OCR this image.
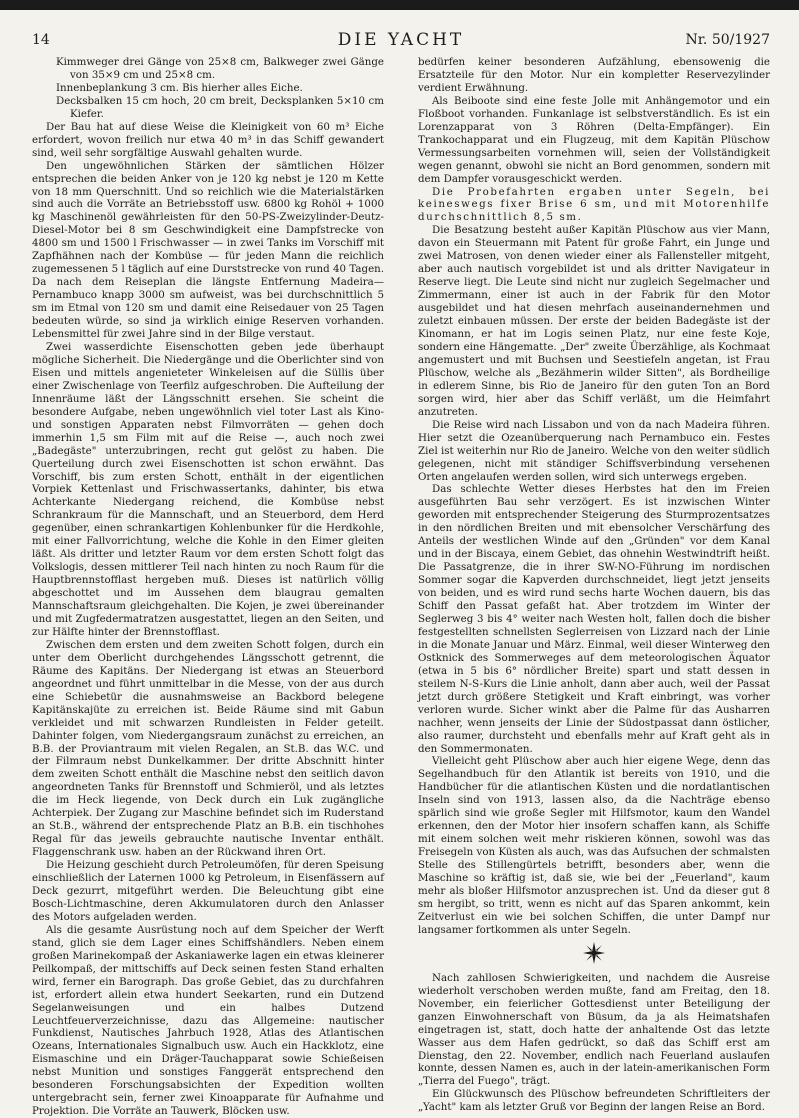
14	DIE YACHT	Nr. 50/1927
Kimmweger drei Gänge von 25×8 cm, Balkweger zwei Gänge von 35×9 cm und 25×8 cm.
Innenbeplankung 3 cm. Bis hierher alles Eiche.
Decksbalken 15 cm hoch, 20 cm breit, Decksplanken 5×10 cm Kiefer.

Der Bau hat auf diese Weise die Kleinigkeit von 60 m³ Eiche erfordert, wovon freilich nur etwa 40 m³ in das Schiff gewandert sind, weil sehr sorgfältige Auswahl gehalten wurde.

Den ungewöhnlichen Stärken der sämtlichen Hölzer entsprechen die beiden Anker von je 120 kg nebst je 120 m Kette von 18 mm Querschnitt. Und so reichlich wie die Materialstärken sind auch die Vorräte an Betriebsstoff usw. 6800 kg Rohöl + 1000 kg Maschinenöl gewährleisten für den 50-PS-Zweizylinder-Deutz-Diesel-Motor bei 8 sm Geschwindigkeit eine Dampfstrecke von 4800 sm und 1500 l Frischwasser — in zwei Tanks im Vorschiff mit Zapfhähnen nach der Kombüse — für jeden Mann die reichlich zugemessenen 5 l täglich auf eine Durststrecke von rund 40 Tagen. Da nach dem Reiseplan die längste Entfernung Madeira—Pernambuco knapp 3000 sm aufweist, was bei durchschnittlich 5 sm im Etmal von 120 sm und damit eine Reisedauer von 25 Tagen bedeuten würde, so sind ja wirklich einige Reserven vorhanden. Lebensmittel für zwei Jahre sind in der Bilge verstaut.

Zwei wasserdichte Eisenschotten geben jede überhaupt mögliche Sicherheit. Die Niedergänge und die Oberlichter sind von Eisen und mittels angenieteter Winkeleisen auf die Süllis über einer Zwischenlage von Teerfilz aufgeschroben. Die Aufteilung der Innenräume läßt der Längsschnitt ersehen. Sie scheint die besondere Aufgabe, neben ungewöhnlich viel toter Last als Kino- und sonstigen Apparaten nebst Filmvorräten — gehen doch immerhin 1,5 sm Film mit auf die Reise —, auch noch zwei „Badegäste" unterzubringen, recht gut gelöst zu haben. Die Querteilung durch zwei Eisenschotten ist schon erwähnt. Das Vorschiff, bis zum ersten Schott, enthält in der eigentlichen Vorpiek Kettenlast und Frischwassertanks, dahinter, bis etwa Achterkante Niedergang reichend, die Kombüse nebst Schrankraum für die Mannschaft, und an Steuerbord, dem Herd gegenüber, einen schrankartigen Kohlenbunker für die Herdkohle, mit einer Fallvorrichtung, welche die Kohle in den Eimer gleiten läßt. Als dritter und letzter Raum vor dem ersten Schott folgt das Volkslogis, dessen mittlerer Teil nach hinten zu noch Raum für die Hauptbrennstofflast hergeben muß. Dieses ist natürlich völlig abgeschottet und im Aussehen dem blaugrau gemalten Mannschaftsraum gleichgehalten. Die Kojen, je zwei übereinander und mit Zugfedermatratzen ausgestattet, liegen an den Seiten, und zur Hälfte hinter der Brennstofflast.

Zwischen dem ersten und dem zweiten Schott folgen, durch ein unter dem Oberlicht durchgehendes Längsschott getrennt, die Räume des Kapitäns. Der Niedergang ist etwas an Steuerbord angeordnet und führt unmittelbar in die Messe, von der aus durch eine Schiebetür die ausnahmsweise an Backbord belegene Kapitänskajüte zu erreichen ist. Beide Räume sind mit Gabun verkleidet und mit schwarzen Rundleisten in Felder geteilt. Dahinter folgen, vom Niedergangsraum zunächst zu erreichen, an B.B. der Proviantraum mit vielen Regalen, an St.B. das W.C. und der Filmraum nebst Dunkelkammer. Der dritte Abschnitt hinter dem zweiten Schott enthält die Maschine nebst den seitlich davon angeordneten Tanks für Brennstoff und Schmieröl, und als letztes die im Heck liegende, von Deck durch ein Luk zugängliche Achterpiek. Der Zugang zur Maschine befindet sich im Ruderstand an St.B., während der entsprechende Platz an B.B. ein tischhohes Regal für das jeweils gebrauchte nautische Inventar enthält. Flaggenschrank usw. haben an der Rückwand ihren Ort.

Die Heizung geschieht durch Petroleumöfen, für deren Speisung einschließlich der Laternen 1000 kg Petroleum, in Eisenfässern auf Deck gezurrt, mitgeführt werden. Die Beleuchtung gibt eine Bosch-Lichtmaschine, deren Akkumulatoren durch den Anlasser des Motors aufgeladen werden.

Als die gesamte Ausrüstung noch auf dem Speicher der Werft stand, glich sie dem Lager eines Schiffshändlers. Neben einem großen Marinekompaß der Askaniawerke lagen ein etwas kleinerer Peilkompaß, der mittschiffs auf Deck seinen festen Stand erhalten wird, ferner ein Barograph. Das große Gebiet, das zu durchfahren ist, erfordert allein etwa hundert Seekarten, rund ein Dutzend Segelanweisungen und ein halbes Dutzend Leuchtfeuerverzeichnisse, dazu das Allgemeine: nautischer Funkdienst, Nautisches Jahrbuch 1928, Atlas des Atlantischen Ozeans, Internationales Signalbuch usw. Auch ein Hackklotz, eine Eismaschine und ein Dräger-Tauchapparat sowie Schießeisen nebst Munition und sonstiges Fanggerät entsprechend den besonderen Forschungsabsichten der Expedition wollten untergebracht sein, ferner zwei Kinoapparate für Aufnahme und Projektion. Die Vorräte an Tauwerk, Blöcken usw.

bedürfen keiner besonderen Aufzählung, ebensowenig die Ersatzteile für den Motor. Nur ein kompletter Reservezylinder verdient Erwähnung.

Als Beiboote sind eine feste Jolle mit Anhängemotor und ein Floßboot vorhanden. Funkanlage ist selbstverständlich. Es ist ein Lorenzapparat von 3 Röhren (Delta-Empfänger). Ein Trankochapparat und ein Flugzeug, mit dem Kapitän Plüschow Vermessungsarbeiten vornehmen will, seien der Vollständigkeit wegen genannt, obwohl sie nicht an Bord genommen, sondern mit dem Dampfer vorausgeschickt werden.

Die Probefahrten ergaben unter Segeln, bei keineswegs fixer Brise 6 sm, und mit Motorenhilfe durchschnittlich 8,5 sm.

Die Besatzung besteht außer Kapitän Plüschow aus vier Mann, davon ein Steuermann mit Patent für große Fahrt, ein Junge und zwei Matrosen, von denen wieder einer als Fallensteller mitgeht, aber auch nautisch vorgebildet ist und als dritter Navigateur in Reserve liegt. Die Leute sind nicht nur zugleich Segelmacher und Zimmermann, einer ist auch in der Fabrik für den Motor ausgebildet und hat diesen mehrfach auseinandernehmen und zuletzt einbauen müssen. Der erste der beiden Badegäste ist der Kinomann, er hat im Logis seinen Platz, nur eine feste Koje, sondern eine Hängematte. „Der" zweite Überzählige, als Kochmaat angemustert und mit Buchsen und Seestiefeln angetan, ist Frau Plüschow, welche als „Bezähmerin wilder Sitten", als Bordheilige in edlerem Sinne, bis Rio de Janeiro für den guten Ton an Bord sorgen wird, hier aber das Schiff verläßt, um die Heimfahrt anzutreten.

Die Reise wird nach Lissabon und von da nach Madeira führen. Hier setzt die Ozeanüberquerung nach Pernambuco ein. Festes Ziel ist weiterhin nur Rio de Janeiro. Welche von den weiter südlich gelegenen, nicht mit ständiger Schiffsverbindung versehenen Orten angelaufen werden sollen, wird sich unterwegs ergeben.

Das schlechte Wetter dieses Herbstes hat den im Freien ausgeführten Bau sehr verzögert. Es ist inzwischen Winter geworden mit entsprechender Steigerung des Sturmprozentsatzes in den nördlichen Breiten und mit ebensolcher Verschärfung des Anteils der westlichen Winde auf den „Gründen" vor dem Kanal und in der Biscaya, einem Gebiet, das ohnehin Westwindtrift heißt. Die Passatgrenze, die in ihrer SW-NO-Führung im nordischen Sommer sogar die Kapverden durchschneidet, liegt jetzt jenseits von beiden, und es wird rund sechs harte Wochen dauern, bis das Schiff den Passat gefaßt hat. Aber trotzdem im Winter der Seglerweg 3 bis 4° weiter nach Westen holt, fallen doch die bisher festgestellten schnellsten Seglerreisen von Lizzard nach der Linie in die Monate Januar und März. Einmal, weil dieser Winterweg den Ostknick des Sommerweges auf dem meteorologischen Äquator (etwa in 5 bis 6° nördlicher Breite) spart und statt dessen in steilem N-S-Kurs die Linie anholt, dann aber auch, weil der Passat jetzt durch größere Stetigkeit und Kraft einbringt, was vorher verloren wurde. Sicher winkt aber die Palme für das Ausharren nachher, wenn jenseits der Linie der Südostpassat dann östlicher, also raumer, durchsteht und ebenfalls mehr auf Kraft geht als in den Sommermonaten.

Vielleicht geht Plüschow aber auch hier eigene Wege, denn das Segelhandbuch für den Atlantik ist bereits von 1910, und die Handbücher für die atlantischen Küsten und die nordatlantischen Inseln sind von 1913, lassen also, da die Nachträge ebenso spärlich sind wie große Segler mit Hilfsmotor, kaum den Wandel erkennen, den der Motor hier insofern schaffen kann, als Schiffe mit einem solchen weit mehr riskieren können, sowohl was das Freisegeln von Küsten als auch, was das Aufsuchen der schmalsten Stelle des Stillengürtels betrifft, besonders aber, wenn die Maschine so kräftig ist, daß sie, wie bei der „Feuerland", kaum mehr als bloßer Hilfsmotor anzusprechen ist. Und da dieser gut 8 sm hergibt, so tritt, wenn es nicht auf das Sparen ankommt, kein Zeitverlust ein wie bei solchen Schiffen, die unter Dampf nur langsamer fortkommen als unter Segeln.

Nach zahllosen Schwierigkeiten, und nachdem die Ausreise wiederholt verschoben werden mußte, fand am Freitag, den 18. November, ein feierlicher Gottesdienst unter Beteiligung der ganzen Einwohnerschaft von Büsum, da ja als Heimatshafen eingetragen ist, statt, doch hatte der anhaltende Ost das letzte Wasser aus dem Hafen gedrückt, so daß das Schiff erst am Dienstag, den 22. November, endlich nach Feuerland auslaufen konnte, dessen Namen es, auch in der latein-amerikanischen Form „Tierra del Fuego", trägt.

Ein Glückwunsch des Plüschow befreundeten Schriftleiters der „Yacht" kam als letzter Gruß vor Beginn der langen Reise an Bord.
